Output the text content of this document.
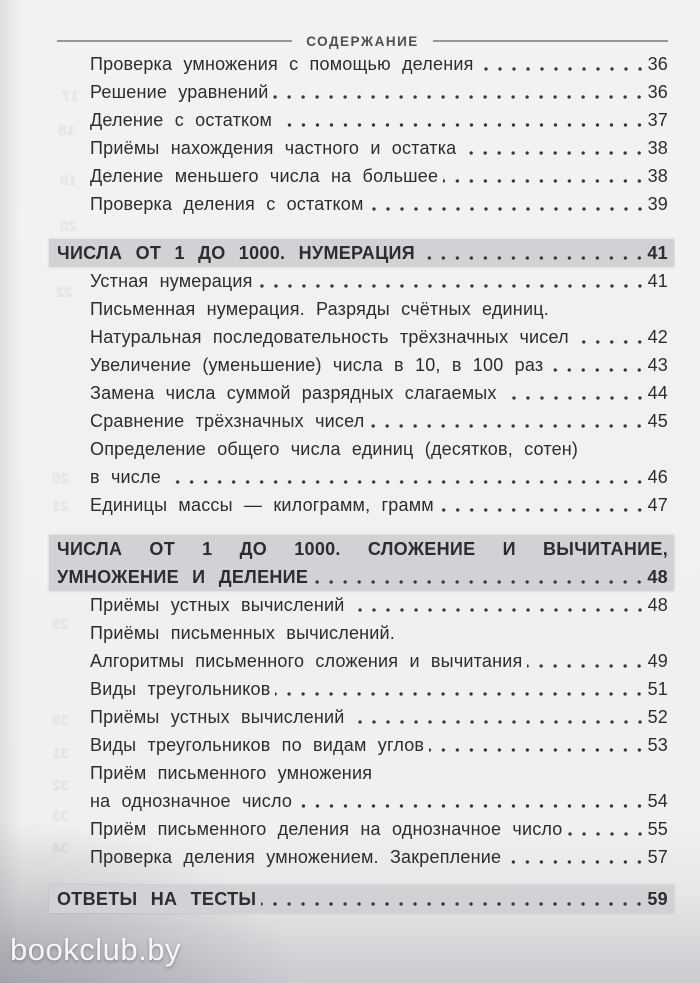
СОДЕРЖАНИЕ
Проверка умножения с помощью деления	36
Решение уравнений	36
Деление с остатком	37
Приёмы нахождения частного и остатка	38
Деление меньшего числа на большее	38
Проверка деления с остатком	39
ЧИСЛА ОТ 1 ДО 1000. НУМЕРАЦИЯ	41
Устная нумерация	41
Письменная нумерация. Разряды счётных единиц.
Натуральная последовательность трёхзначных чисел	42
Увеличение (уменьшение) числа в 10, в 100 раз	43
Замена числа суммой разрядных слагаемых	44
Сравнение трёхзначных чисел	45
Определение общего числа единиц (десятков, сотен)
в числе	46
Единицы массы — килограмм, грамм	47
ЧИСЛА ОТ 1 ДО 1000. СЛОЖЕНИЕ И ВЫЧИТАНИЕ,
УМНОЖЕНИЕ И ДЕЛЕНИЕ	48
Приёмы устных вычислений	48
Приёмы письменных вычислений.
Алгоритмы письменного сложения и вычитания	49
Виды треугольников	51
Приёмы устных вычислений	52
Виды треугольников по видам углов	53
Приём письменного умножения
на однозначное число	54
Приём письменного деления на однозначное число	55
Проверка деления умножением. Закрепление	57
ОТВЕТЫ НА ТЕСТЫ	59
17
18
19
20
22
20
21
29
30
31
32
33
34
bookclub.by
